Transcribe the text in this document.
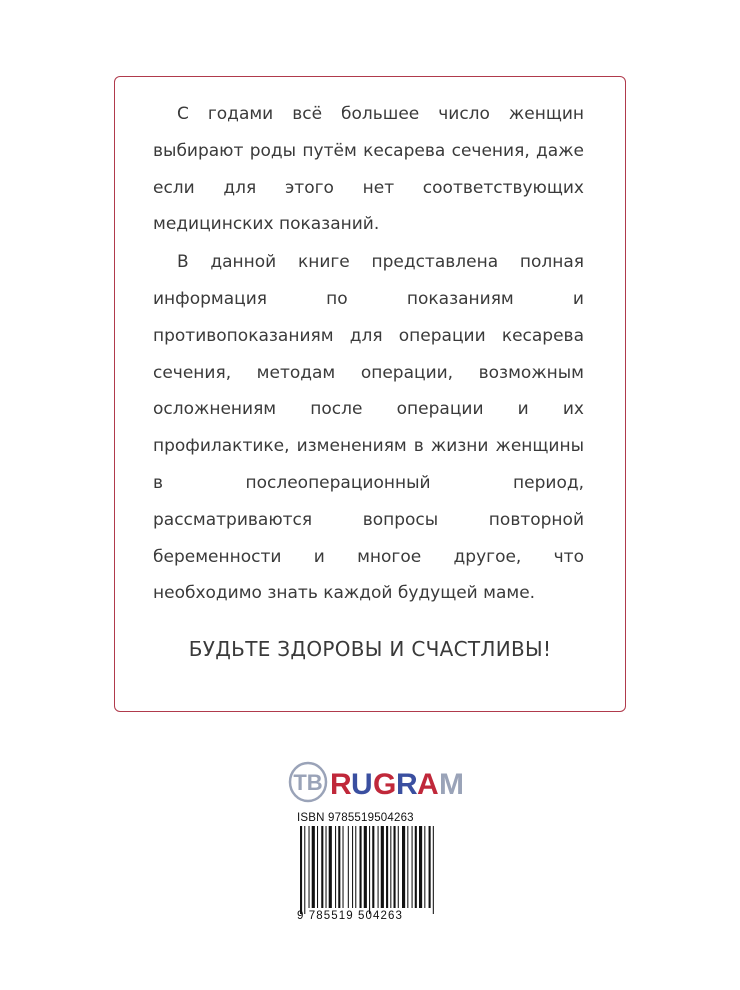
С годами всё большее число женщин выбирают роды путём кесарева сечения, даже если для этого нет соответствующих медицинских показаний.

В данной книге представлена полная информация по показаниям и противопоказаниям для операции кесарева сечения, методам операции, возможным осложнениям после операции и их профилактике, изменениям в жизни женщины в послеоперационный период, рассматриваются вопросы повторной беременности и многое другое, что необходимо знать каждой будущей маме.

БУДЬТЕ ЗДОРОВЫ И СЧАСТЛИВЫ!
ТВ R U G R A M
ISBN 9785519504263
9 785519 504263
